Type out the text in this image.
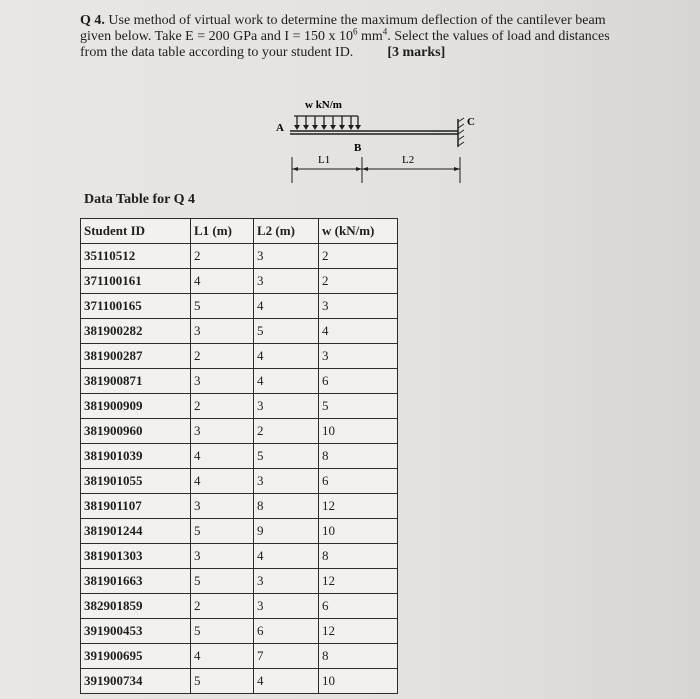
Q 4. Use method of virtual work to determine the maximum deflection of the cantilever beam
given below. Take E = 200 GPa and I = 150 x $10^6$ $mm^4$. Select the values of load and distances
from the data table according to your student ID. [3 marks]
w kN/m
A	C
B
L1	L2
Data Table for Q 4
Student ID	L1 (m)	L2 (m)	w (kN/m)
35110512	2	3	2
371100161	4	3	2
371100165	5	4	3
381900282	3	5	4
381900287	2	4	3
381900871	3	4	6
381900909	2	3	5
381900960	3	2	10
381901039	4	5	8
381901055	4	3	6
381901107	3	8	12
381901244	5	9	10
381901303	3	4	8
381901663	5	3	12
382901859	2	3	6
391900453	5	6	12
391900695	4	7	8
391900734	5	4	10
